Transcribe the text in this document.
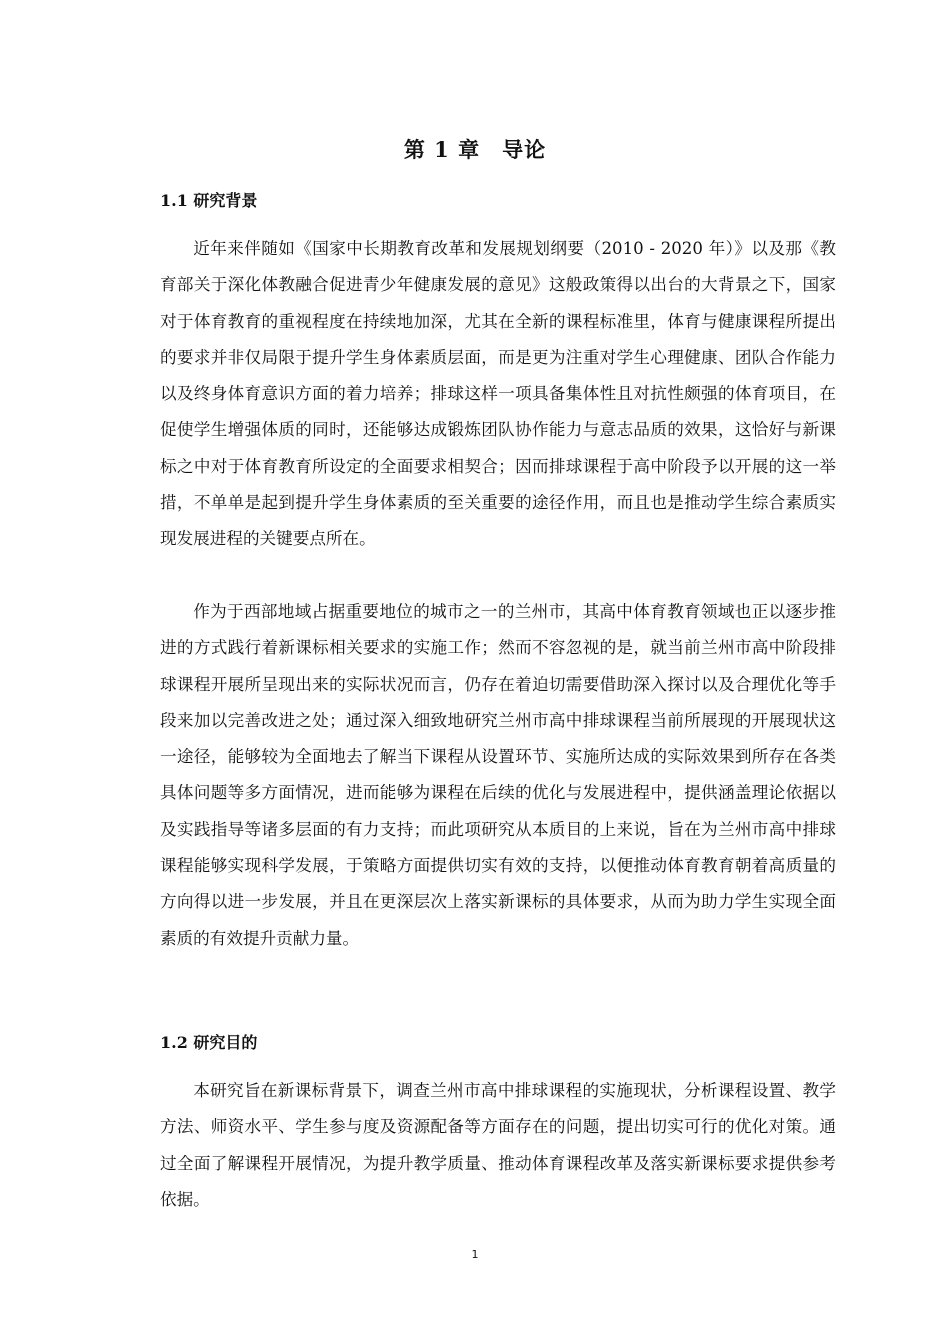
第 1 章 导论
1.1 研究背景

近年来伴随如《国家中长期教育改革和发展规划纲要（2010 - 2020 年）》以及那《教育部关于深化体教融合促进青少年健康发展的意见》这般政策得以出台的大背景之下，国家对于体育教育的重视程度在持续地加深，尤其在全新的课程标准里，体育与健康课程所提出的要求并非仅局限于提升学生身体素质层面，而是更为注重对学生心理健康、团队合作能力以及终身体育意识方面的着力培养；排球这样一项具备集体性且对抗性颇强的体育项目，在促使学生增强体质的同时，还能够达成锻炼团队协作能力与意志品质的效果，这恰好与新课标之中对于体育教育所设定的全面要求相契合；因而排球课程于高中阶段予以开展的这一举措，不单单是起到提升学生身体素质的至关重要的途径作用，而且也是推动学生综合素质实现发展进程的关键要点所在。

作为于西部地域占据重要地位的城市之一的兰州市，其高中体育教育领域也正以逐步推进的方式践行着新课标相关要求的实施工作；然而不容忽视的是，就当前兰州市高中阶段排球课程开展所呈现出来的实际状况而言，仍存在着迫切需要借助深入探讨以及合理优化等手段来加以完善改进之处；通过深入细致地研究兰州市高中排球课程当前所展现的开展现状这一途径，能够较为全面地去了解当下课程从设置环节、实施所达成的实际效果到所存在各类具体问题等多方面情况，进而能够为课程在后续的优化与发展进程中，提供涵盖理论依据以及实践指导等诸多层面的有力支持；而此项研究从本质目的上来说，旨在为兰州市高中排球课程能够实现科学发展，于策略方面提供切实有效的支持，以便推动体育教育朝着高质量的方向得以进一步发展，并且在更深层次上落实新课标的具体要求，从而为助力学生实现全面素质的有效提升贡献力量。

1.2 研究目的

本研究旨在新课标背景下，调查兰州市高中排球课程的实施现状，分析课程设置、教学方法、师资水平、学生参与度及资源配备等方面存在的问题，提出切实可行的优化对策。通过全面了解课程开展情况，为提升教学质量、推动体育课程改革及落实新课标要求提供参考依据。

1
